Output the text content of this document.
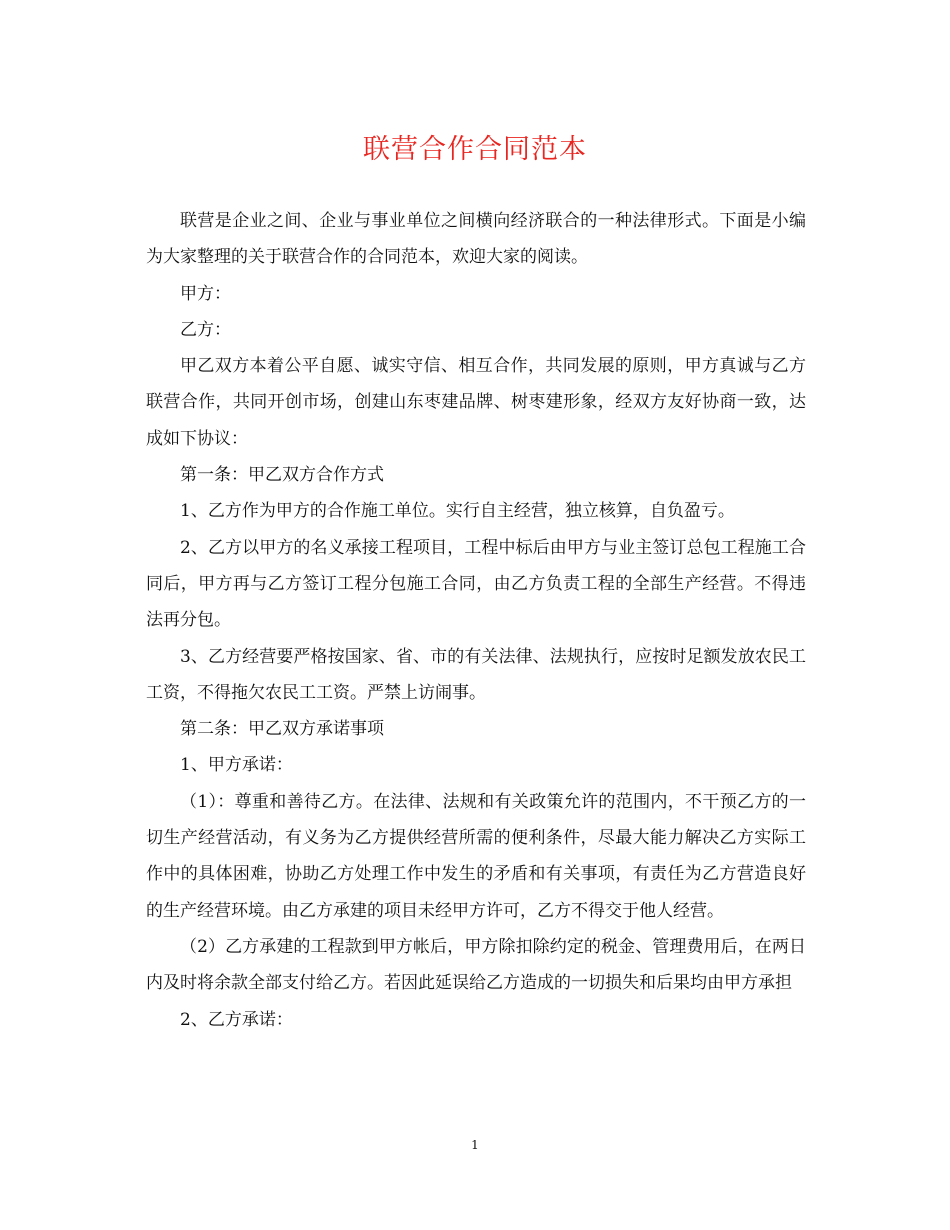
联营合作合同范本

联营是企业之间、企业与事业单位之间横向经济联合的一种法律形式。下面是小编为大家整理的关于联营合作的合同范本，欢迎大家的阅读。

甲方：

乙方：

甲乙双方本着公平自愿、诚实守信、相互合作，共同发展的原则，甲方真诚与乙方联营合作，共同开创市场，创建山东枣建品牌、树枣建形象，经双方友好协商一致，达成如下协议：

第一条：甲乙双方合作方式

1、乙方作为甲方的合作施工单位。实行自主经营，独立核算，自负盈亏。

2、乙方以甲方的名义承接工程项目，工程中标后由甲方与业主签订总包工程施工合同后，甲方再与乙方签订工程分包施工合同，由乙方负责工程的全部生产经营。不得违法再分包。

3、乙方经营要严格按国家、省、市的有关法律、法规执行，应按时足额发放农民工工资，不得拖欠农民工工资。严禁上访闹事。

第二条：甲乙双方承诺事项

1、甲方承诺：

（1）：尊重和善待乙方。在法律、法规和有关政策允许的范围内，不干预乙方的一切生产经营活动，有义务为乙方提供经营所需的便利条件，尽最大能力解决乙方实际工作中的具体困难，协助乙方处理工作中发生的矛盾和有关事项，有责任为乙方营造良好的生产经营环境。由乙方承建的项目未经甲方许可，乙方不得交于他人经营。

（2）乙方承建的工程款到甲方帐后，甲方除扣除约定的税金、管理费用后，在两日内及时将余款全部支付给乙方。若因此延误给乙方造成的一切损失和后果均由甲方承担

2、乙方承诺：

1
